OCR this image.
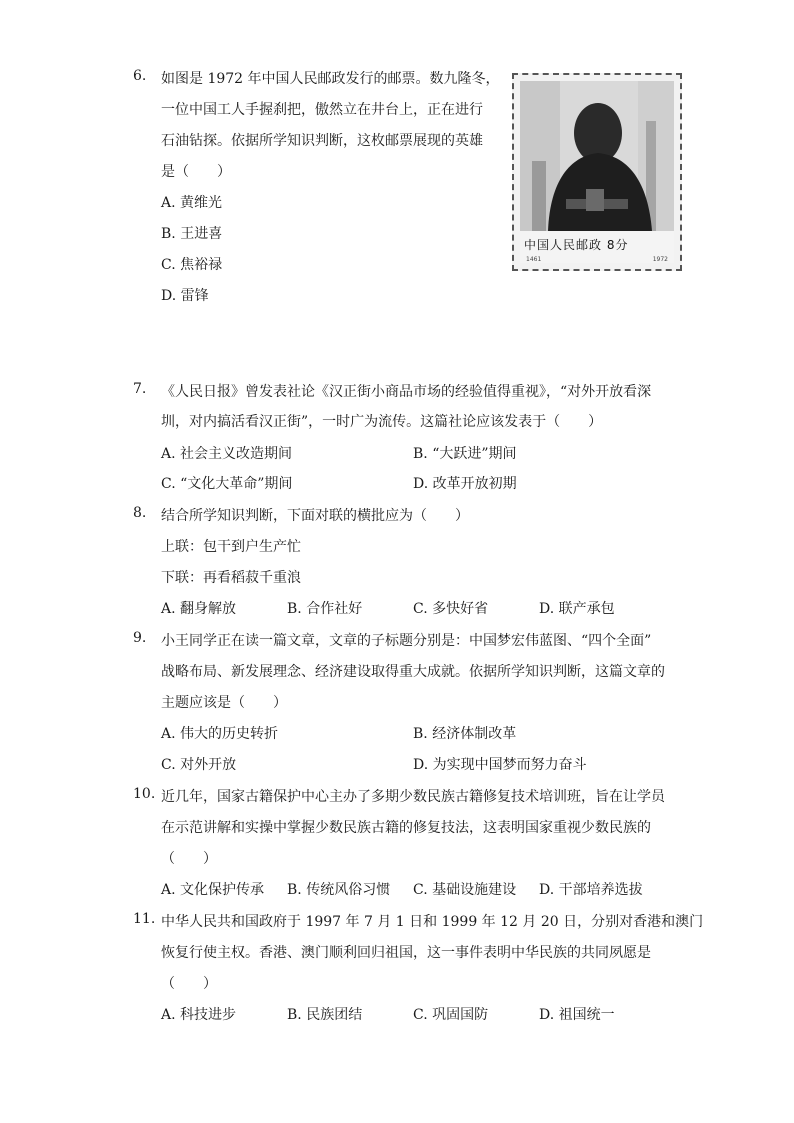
6. 如图是 1972 年中国人民邮政发行的邮票。数九隆冬，
一位中国工人手握刹把，傲然立在井台上，正在进行
石油钻探。依据所学知识判断，这枚邮票展现的英雄
是（　　）
A. 黄维光
B. 王进喜
C. 焦裕禄
D. 雷锋
中国人民邮政 8分
1461	1972
7. 《人民日报》曾发表社论《汉正街小商品市场的经验值得重视》，“对外开放看深
圳，对内搞活看汉正街”，一时广为流传。这篇社论应该发表于（　　）
A. 社会主义改造期间	B. “大跃进”期间
C. “文化大革命”期间	D. 改革开放初期
8. 结合所学知识判断，下面对联的横批应为（　　）
上联：包干到户生产忙
下联：再看稻菽千重浪
A. 翻身解放	B. 合作社好	C. 多快好省	D. 联产承包
9. 小王同学正在读一篇文章，文章的子标题分别是：中国梦宏伟蓝图、“四个全面”
战略布局、新发展理念、经济建设取得重大成就。依据所学知识判断，这篇文章的
主题应该是（　　）
A. 伟大的历史转折	B. 经济体制改革
C. 对外开放	D. 为实现中国梦而努力奋斗
10. 近几年，国家古籍保护中心主办了多期少数民族古籍修复技术培训班，旨在让学员
在示范讲解和实操中掌握少数民族古籍的修复技法，这表明国家重视少数民族的
（　　）
A. 文化保护传承 B. 传统风俗习惯 C. 基础设施建设 D. 干部培养选拔
11. 中华人民共和国政府于 1997 年 7 月 1 日和 1999 年 12 月 20 日，分别对香港和澳门
恢复行使主权。香港、澳门顺利回归祖国，这一事件表明中华民族的共同夙愿是
（　　）
A. 科技进步	B. 民族团结	C. 巩固国防	D. 祖国统一
